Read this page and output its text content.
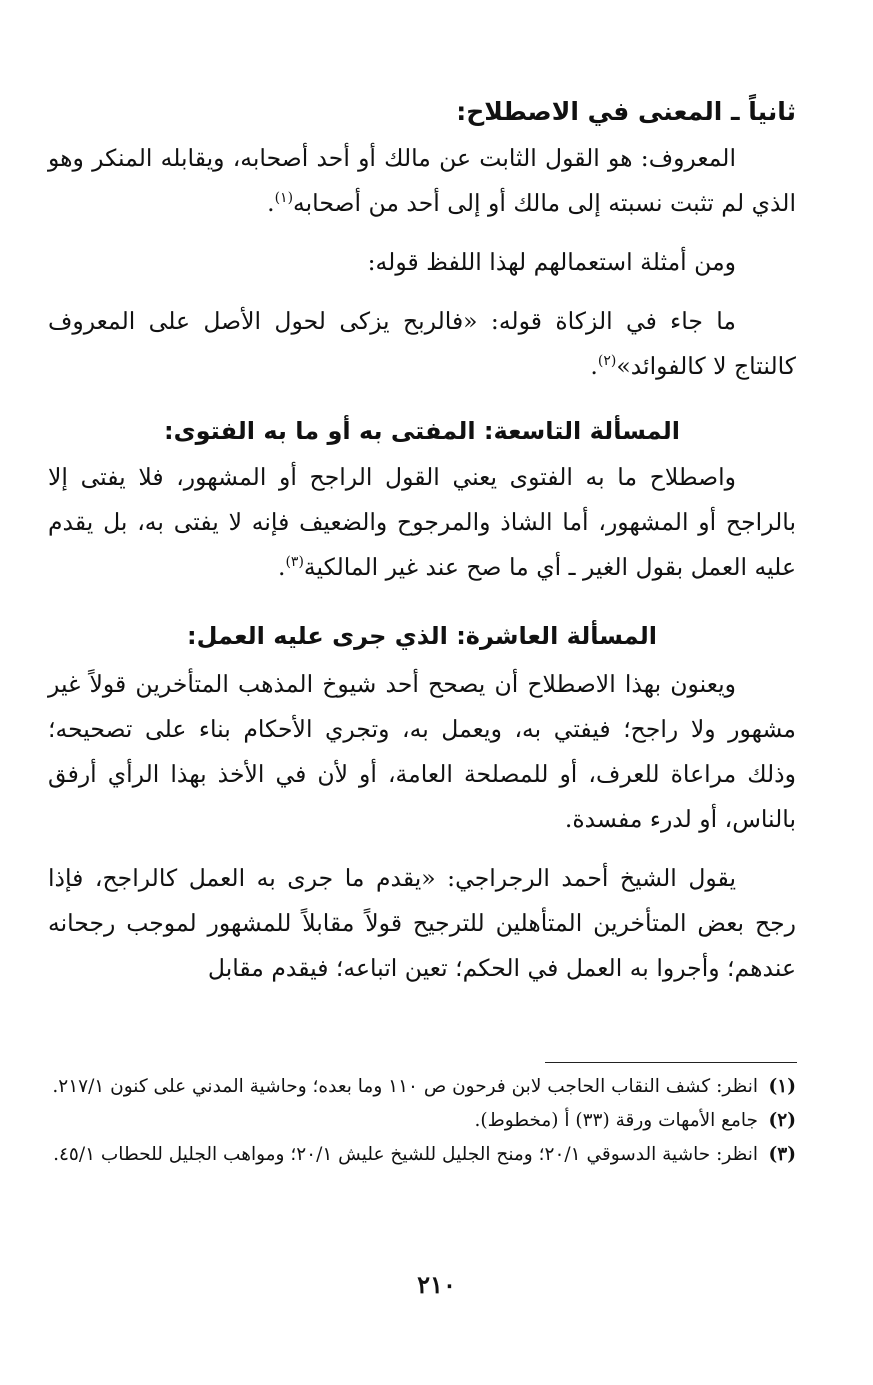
ثانياً ـ المعنى في الاصطلاح:

المعروف: هو القول الثابت عن مالك أو أحد أصحابه، ويقابله المنكر وهو الذي لم تثبت نسبته إلى مالك أو إلى أحد من أصحابه$^{(١)}$.

ومن أمثلة استعمالهم لهذا اللفظ قوله:

ما جاء في الزكاة قوله: «فالربح يزكى لحول الأصل على المعروف كالنتاج لا كالفوائد»$^{(٢)}$.

المسألة التاسعة: المفتى به أو ما به الفتوى:

واصطلاح ما به الفتوى يعني القول الراجح أو المشهور، فلا يفتى إلا بالراجح أو المشهور، أما الشاذ والمرجوح والضعيف فإنه لا يفتى به، بل يقدم عليه العمل بقول الغير ـ أي ما صح عند غير المالكية$^{(٣)}$.

المسألة العاشرة: الذي جرى عليه العمل:

ويعنون بهذا الاصطلاح أن يصحح أحد شيوخ المذهب المتأخرين قولاً غير مشهور ولا راجح؛ فيفتي به، ويعمل به، وتجري الأحكام بناء على تصحيحه؛ وذلك مراعاة للعرف، أو للمصلحة العامة، أو لأن في الأخذ بهذا الرأي أرفق بالناس، أو لدرء مفسدة.

يقول الشيخ أحمد الرجراجي: «يقدم ما جرى به العمل كالراجح، فإذا رجح بعض المتأخرين المتأهلين للترجيح قولاً مقابلاً للمشهور لموجب رجحانه عندهم؛ وأجروا به العمل في الحكم؛ تعين اتباعه؛ فيقدم مقابل

(١)
انظر: كشف النقاب الحاجب لابن فرحون ص ١١٠ وما بعده؛ وحاشية المدني على كنون ٢١٧/١.
(٢)
جامع الأمهات ورقة (٣٣) أ (مخطوط).
(٣)
انظر: حاشية الدسوقي ٢٠/١؛ ومنح الجليل للشيخ عليش ٢٠/١؛ ومواهب الجليل للحطاب ٤٥/١.
٢١٠
